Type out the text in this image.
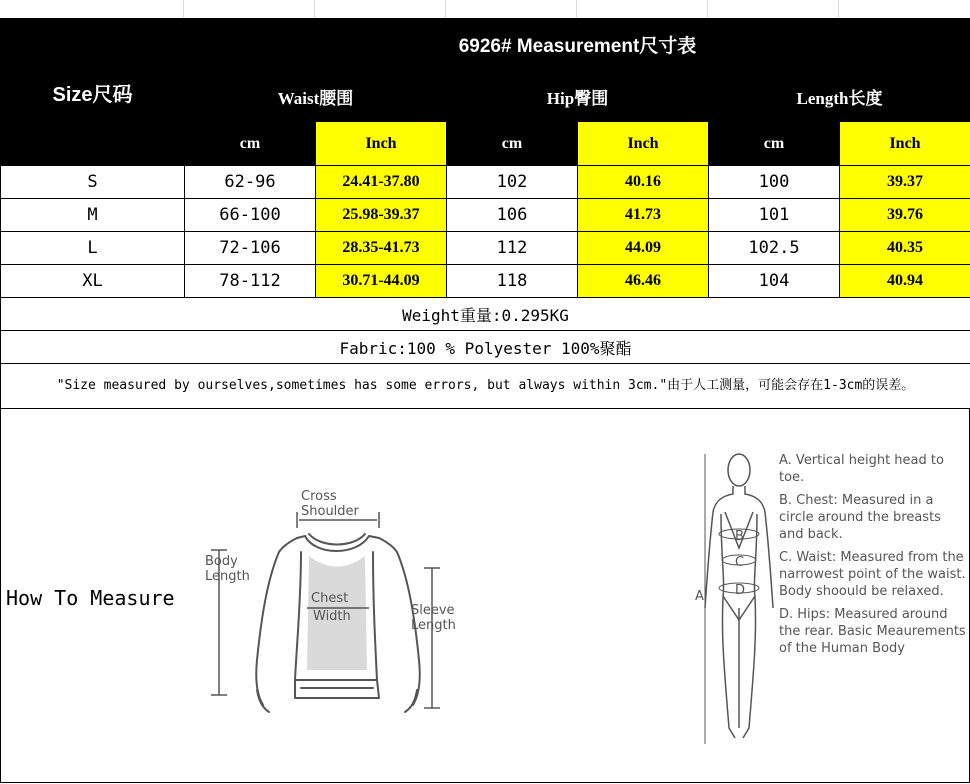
Size尺码	6926# Measurement尺寸表					
	Waist腰围		Hip臀围		Length长度	
	cm	Inch	cm	Inch	cm	Inch
S	62-96	24.41-37.80	102	40.16	100	39.37
M	66-100	25.98-39.37	106	41.73	101	39.76
L	72-106	28.35-41.73	112	44.09	102.5	40.35
XL	78-112	30.71-44.09	118	46.46	104	40.94
Weight重量:0.295KG						
Fabric:100 % Polyester 100%聚酯						
"Size measured by ourselves,sometimes has some errors, but always within 3cm."由于人工测量，可能会存在1-3cm的误差。						
How To Measure
Cross
Shoulder
Body
Length
Chest
Width	Sleeve
Length
B
C
D
A

A. Vertical height head to toe.

B. Chest: Measured in a circle around the breasts and back.

C. Waist: Measured from the narrowest point of the waist. Body shoould be relaxed.

D. Hips: Measured around the rear. Basic Meaurements of the Human Body
